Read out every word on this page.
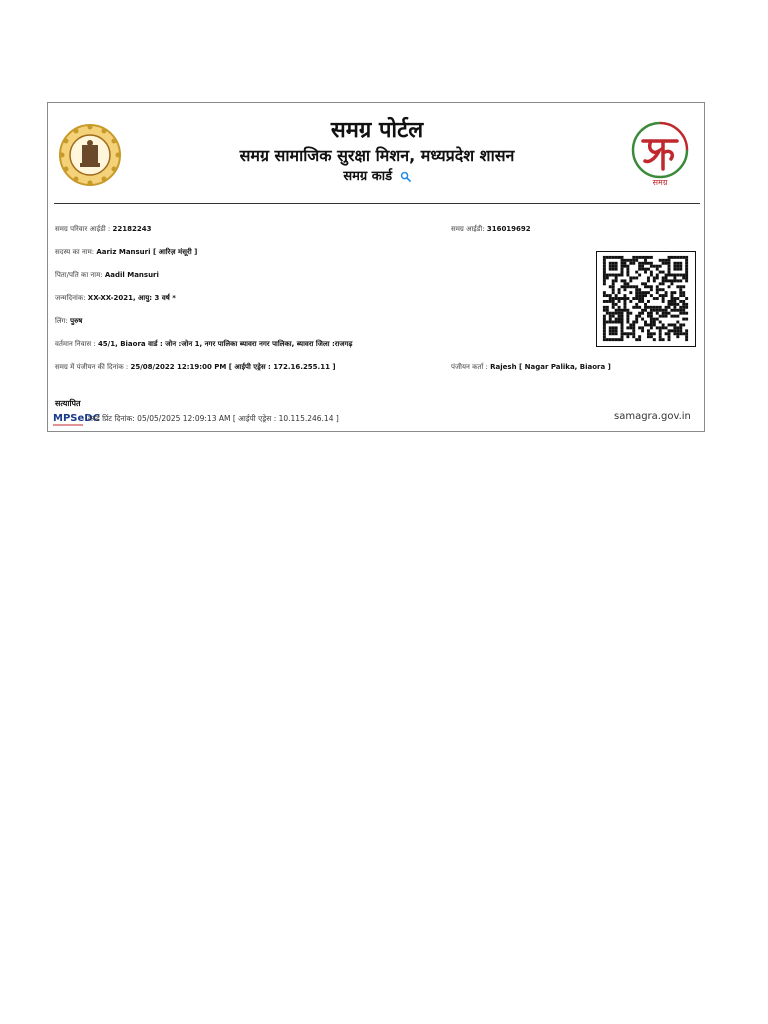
समग्र
समग्र पोर्टल
समग्र सामाजिक सुरक्षा मिशन, मध्यप्रदेश शासन
समग्र कार्ड
समग्र परिवार आईडी : 22182243	समग्र आईडी: 316019692
सदस्य का नाम: Aariz Mansuri [ आरिज़ मंसूरी ]
पिता/पति का नाम: Aadil Mansuri
जन्मदिनांक: XX-XX-2021, आयु: 3 वर्ष *
लिंग: पुरुष
वर्तमान निवास : 45/1, Biaora वार्ड : जोन :जोन 1, नगर पालिका ब्यावरा नगर पालिका, ब्यावरा जिला :राजगढ़
समग्र में पंजीयन की दिनांक : 25/08/2022 12:19:00 PM [ आईपी एड्रेस : 172.16.255.11 ]	पंजीयन कर्ता : Rajesh [ Nagar Palika, Biaora ]
सत्यापित
MPSeDC
कार्ड प्रिंट दिनांक: 05/05/2025 12:09:13 AM [ आईपी एड्रेस : 10.115.246.14 ]	samagra.gov.in
